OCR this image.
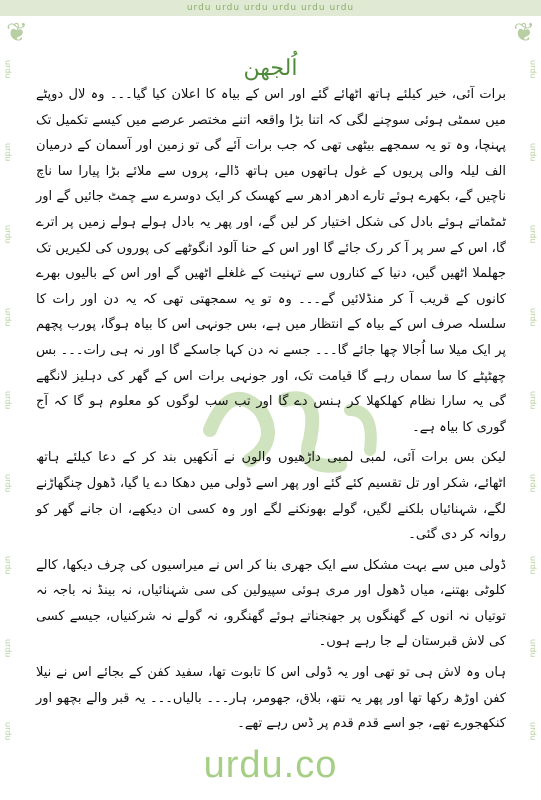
urdu urdu urdu urdu urdu urdu
❦	❦
urdu
urdu
urdu
urdu
urdu
urdu
urdu
urdu
urdu
urdu
urdu
urdu
urdu
urdu
urdu
urdu
urdu
urdu
اُلجھن

برات آئی، خیر کیلئے ہاتھ اٹھائے گئے اور اس کے بیاہ کا اعلان کیا گیا۔۔۔ وہ لال دوپٹے میں سمٹی ہوئی سوچنے لگی کہ اتنا بڑا واقعہ اتنے مختصر عرصے میں کیسے تکمیل تک پہنچا، وہ تو یہ سمجھے بیٹھی تھی کہ جب برات آئے گی تو زمین اور آسمان کے درمیان الف لیلہ والی پریوں کے غول ہاتھوں میں ہاتھ ڈالے، پروں سے ملائے بڑا پیارا سا ناچ ناچیں گے، بکھرے ہوئے تارے ادھر ادھر سے کھسک کر ایک دوسرے سے چمٹ جائیں گے اور ٹمٹماتے ہوئے بادل کی شکل اختیار کر لیں گے، اور پھر یہ بادل ہولے ہولے زمیں پر اترے گا، اس کے سر پر آ کر رک جائے گا اور اس کے حنا آلود انگوٹھے کی پوروں کی لکیریں تک جھلملا اٹھیں گیں، دنیا کے کناروں سے تہنیت کے غلغلے اٹھیں گے اور اس کے بالیوں بھرے کانوں کے قریب آ کر منڈلائیں گے۔۔۔ وہ تو یہ سمجھتی تھی کہ یہ دن اور رات کا سلسلہ صرف اس کے بیاہ کے انتظار میں ہے، بس جونہی اس کا بیاہ ہوگا، پورب پچھم پر ایک میلا سا اُجالا چھا جائے گا۔۔۔ جسے نہ دن کہا جاسکے گا اور نہ ہی رات۔۔۔ بس چھٹپٹے کا سا سماں رہے گا قیامت تک، اور جونہی برات اس کے گھر کی دہلیز لانگھے گی یہ سارا نظام کھلکھلا کر ہنس دے گا اور تب سب لوگوں کو معلوم ہو گا کہ آج گوری کا بیاہ ہے۔

لیکن بس برات آئی، لمبی لمبی داڑھیوں والوں نے آنکھیں بند کر کے دعا کیلئے ہاتھ اٹھائے، شکر اور تل تقسیم کئے گئے اور پھر اسے ڈولی میں دھکا دے یا گیا، ڈھول چنگھاڑنے لگے، شہنائیاں بلکنے لگیں، گولے بھونکنے لگے اور وہ کسی ان دیکھے، ان جانے گھر کو روانہ کر دی گئی۔

ڈولی میں سے بہت مشکل سے ایک جھری بنا کر اس نے میراسیوں کی چرف دیکھا، کالے کلوٹی بھتنے، میاں ڈھول اور مری ہوئی سپیولین کی سی شہنائیاں، نہ بینڈ نہ باجہ نہ توتیاں نہ انوں کے گھنگوں پر جھنجناتے ہوئے گھنگرو، نہ گولے نہ شرکنیاں، جیسے کسی کی لاش قبرستان لے جا رہے ہوں۔

ہاں وہ لاش ہی تو تھی اور یہ ڈولی اس کا تابوت تھا، سفید کفن کے بجائے اس نے نیلا کفن اوڑھ رکھا تھا اور پھر یہ نتھ، بلاق، جھومر، ہار۔۔۔ بالیاں۔۔۔ یہ قبر والے بچھو اور کنکھجورے تھے، جو اسے قدم قدم پر ڈس رہے تھے۔

urdu.co
